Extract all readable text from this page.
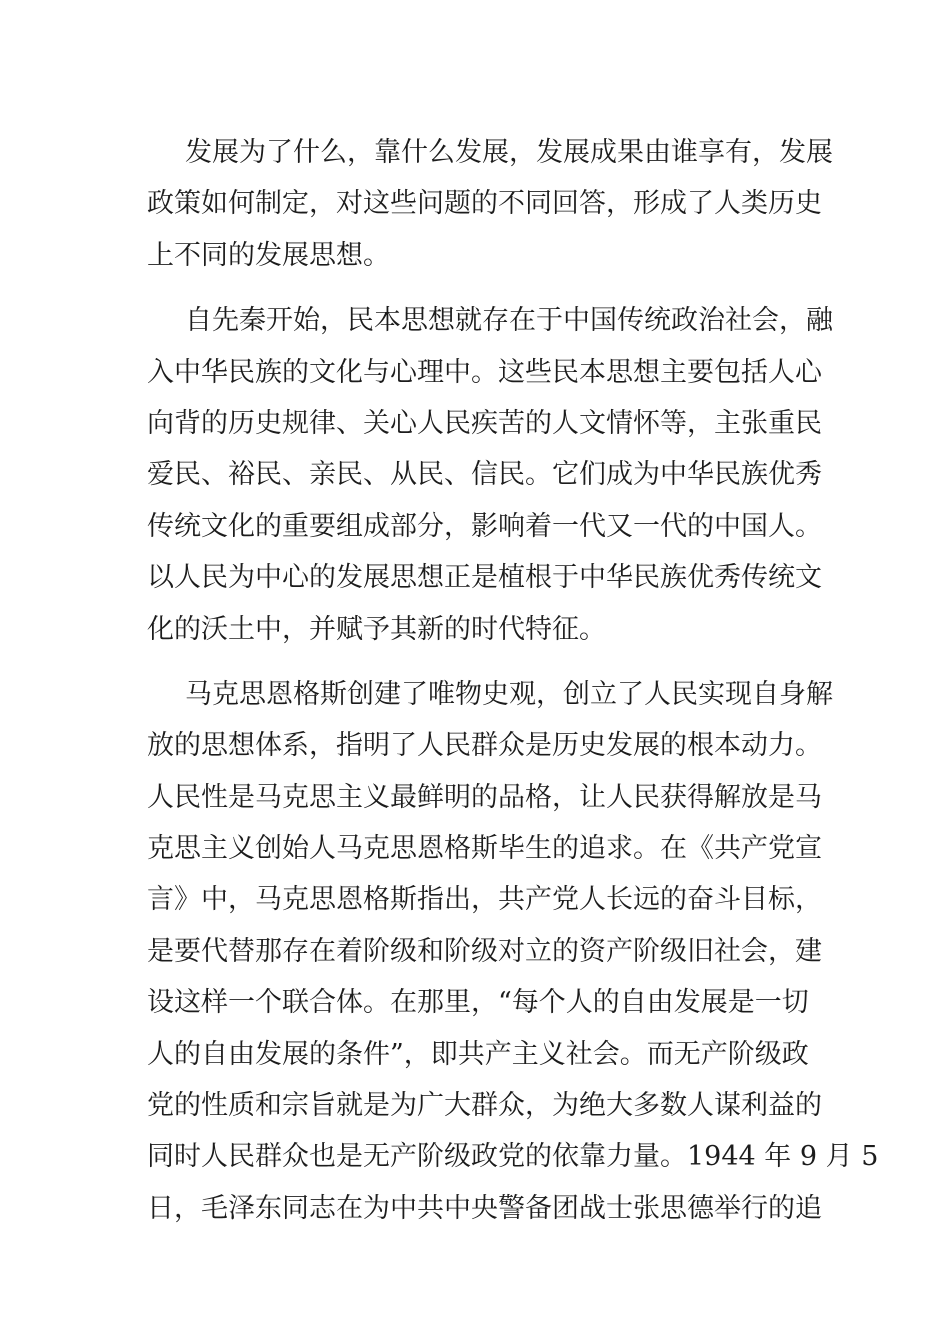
发展为了什么，靠什么发展，发展成果由谁享有，发展
政策如何制定，对这些问题的不同回答，形成了人类历史
上不同的发展思想。
自先秦开始，民本思想就存在于中国传统政治社会，融
入中华民族的文化与心理中。这些民本思想主要包括人心
向背的历史规律、关心人民疾苦的人文情怀等，主张重民
爱民、裕民、亲民、从民、信民。它们成为中华民族优秀
传统文化的重要组成部分，影响着一代又一代的中国人。
以人民为中心的发展思想正是植根于中华民族优秀传统文
化的沃土中，并赋予其新的时代特征。
马克思恩格斯创建了唯物史观，创立了人民实现自身解
放的思想体系，指明了人民群众是历史发展的根本动力。
人民性是马克思主义最鲜明的品格，让人民获得解放是马
克思主义创始人马克思恩格斯毕生的追求。在《共产党宣
言》中，马克思恩格斯指出，共产党人长远的奋斗目标，
是要代替那存在着阶级和阶级对立的资产阶级旧社会，建
设这样一个联合体。在那里，“每个人的自由发展是一切
人的自由发展的条件”，即共产主义社会。而无产阶级政
党的性质和宗旨就是为广大群众，为绝大多数人谋利益的
同时人民群众也是无产阶级政党的依靠力量。1944 年 9 月 5
日，毛泽东同志在为中共中央警备团战士张思德举行的追
